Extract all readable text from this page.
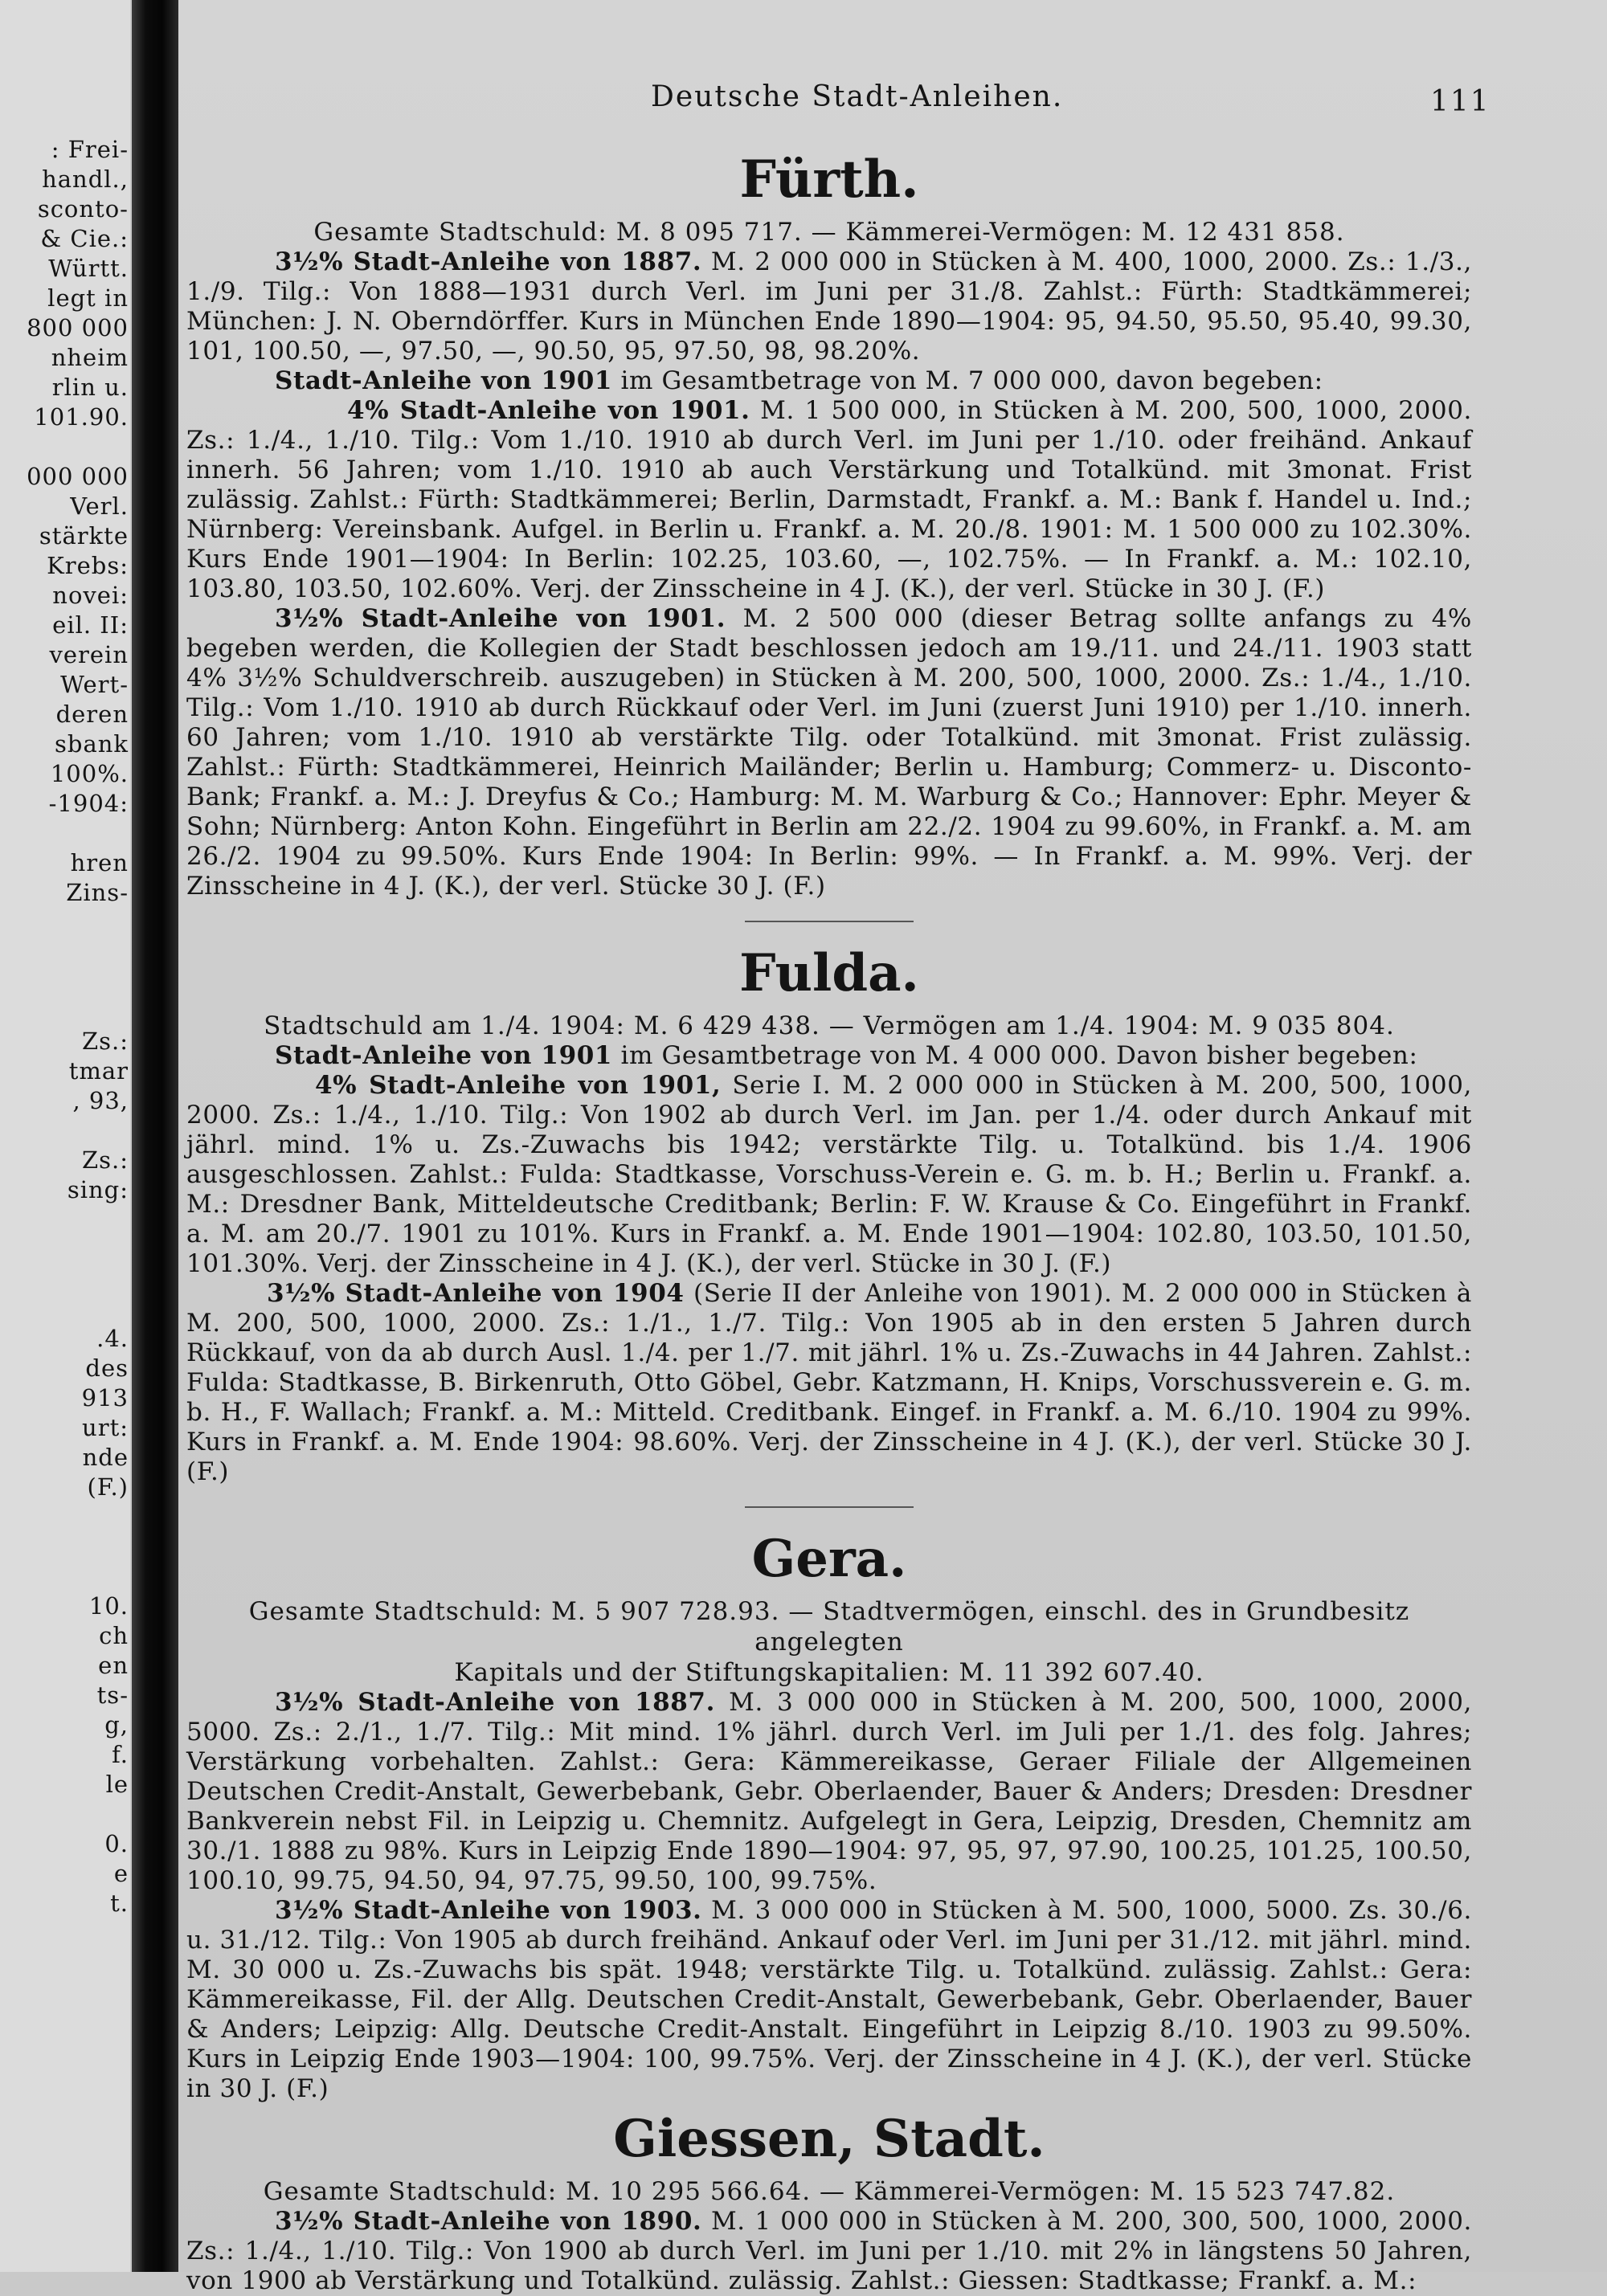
: Frei-
handl.,
sconto-
& Cie.:
Württ.
legt in
800 000
nheim
rlin u.
101.90.
000 000
Verl.
stärkte
Krebs:
novei:
eil. II:
verein
Wert-
deren
sbank
100%.
-1904:
hren
Zins-
Zs.:
tmar
, 93,
Zs.:
sing:
.4.
des
913
urt:
nde
(F.)
10.
ch
en
ts-
g,
f.
le
0.
e
t.
Deutsche Stadt-Anleihen.	111
Fürth.
Gesamte Stadtschuld: M. 8 095 717. — Kämmerei-Vermögen: M. 12 431 858.

3½% Stadt-Anleihe von 1887. M. 2 000 000 in Stücken à M. 400, 1000, 2000. Zs.: 1./3., 1./9. Tilg.: Von 1888—1931 durch Verl. im Juni per 31./8. Zahlst.: Fürth: Stadtkämmerei; München: J. N. Oberndörffer. Kurs in München Ende 1890—1904: 95, 94.50, 95.50, 95.40, 99.30, 101, 100.50, —, 97.50, —, 90.50, 95, 97.50, 98, 98.20%.

Stadt-Anleihe von 1901 im Gesamtbetrage von M. 7 000 000, davon begeben:

4% Stadt-Anleihe von 1901. M. 1 500 000, in Stücken à M. 200, 500, 1000, 2000. Zs.: 1./4., 1./10. Tilg.: Vom 1./10. 1910 ab durch Verl. im Juni per 1./10. oder freihänd. Ankauf innerh. 56 Jahren; vom 1./10. 1910 ab auch Verstärkung und Totalkünd. mit 3monat. Frist zulässig. Zahlst.: Fürth: Stadtkämmerei; Berlin, Darmstadt, Frankf. a. M.: Bank f. Handel u. Ind.; Nürnberg: Vereinsbank. Aufgel. in Berlin u. Frankf. a. M. 20./8. 1901: M. 1 500 000 zu 102.30%. Kurs Ende 1901—1904: In Berlin: 102.25, 103.60, —, 102.75%. — In Frankf. a. M.: 102.10, 103.80, 103.50, 102.60%. Verj. der Zinsscheine in 4 J. (K.), der verl. Stücke in 30 J. (F.)

3½% Stadt-Anleihe von 1901. M. 2 500 000 (dieser Betrag sollte anfangs zu 4% begeben werden, die Kollegien der Stadt beschlossen jedoch am 19./11. und 24./11. 1903 statt 4% 3½% Schuldverschreib. auszugeben) in Stücken à M. 200, 500, 1000, 2000. Zs.: 1./4., 1./10. Tilg.: Vom 1./10. 1910 ab durch Rückkauf oder Verl. im Juni (zuerst Juni 1910) per 1./10. innerh. 60 Jahren; vom 1./10. 1910 ab verstärkte Tilg. oder Totalkünd. mit 3monat. Frist zulässig. Zahlst.: Fürth: Stadtkämmerei, Heinrich Mailänder; Berlin u. Hamburg; Commerz- u. Disconto-Bank; Frankf. a. M.: J. Dreyfus & Co.; Hamburg: M. M. Warburg & Co.; Hannover: Ephr. Meyer & Sohn; Nürnberg: Anton Kohn. Eingeführt in Berlin am 22./2. 1904 zu 99.60%, in Frankf. a. M. am 26./2. 1904 zu 99.50%. Kurs Ende 1904: In Berlin: 99%. — In Frankf. a. M. 99%. Verj. der Zinsscheine in 4 J. (K.), der verl. Stücke 30 J. (F.)

Fulda.
Stadtschuld am 1./4. 1904: M. 6 429 438. — Vermögen am 1./4. 1904: M. 9 035 804.

Stadt-Anleihe von 1901 im Gesamtbetrage von M. 4 000 000. Davon bisher begeben:

4% Stadt-Anleihe von 1901, Serie I. M. 2 000 000 in Stücken à M. 200, 500, 1000, 2000. Zs.: 1./4., 1./10. Tilg.: Von 1902 ab durch Verl. im Jan. per 1./4. oder durch Ankauf mit jährl. mind. 1% u. Zs.-Zuwachs bis 1942; verstärkte Tilg. u. Totalkünd. bis 1./4. 1906 ausgeschlossen. Zahlst.: Fulda: Stadtkasse, Vorschuss-Verein e. G. m. b. H.; Berlin u. Frankf. a. M.: Dresdner Bank, Mitteldeutsche Creditbank; Berlin: F. W. Krause & Co. Eingeführt in Frankf. a. M. am 20./7. 1901 zu 101%. Kurs in Frankf. a. M. Ende 1901—1904: 102.80, 103.50, 101.50, 101.30%. Verj. der Zinsscheine in 4 J. (K.), der verl. Stücke in 30 J. (F.)

3½% Stadt-Anleihe von 1904 (Serie II der Anleihe von 1901). M. 2 000 000 in Stücken à M. 200, 500, 1000, 2000. Zs.: 1./1., 1./7. Tilg.: Von 1905 ab in den ersten 5 Jahren durch Rückkauf, von da ab durch Ausl. 1./4. per 1./7. mit jährl. 1% u. Zs.-Zuwachs in 44 Jahren. Zahlst.: Fulda: Stadtkasse, B. Birkenruth, Otto Göbel, Gebr. Katzmann, H. Knips, Vorschussverein e. G. m. b. H., F. Wallach; Frankf. a. M.: Mitteld. Creditbank. Eingef. in Frankf. a. M. 6./10. 1904 zu 99%. Kurs in Frankf. a. M. Ende 1904: 98.60%. Verj. der Zinsscheine in 4 J. (K.), der verl. Stücke 30 J. (F.)

Gera.
Gesamte Stadtschuld: M. 5 907 728.93. — Stadtvermögen, einschl. des in Grundbesitz angelegten
Kapitals und der Stiftungskapitalien: M. 11 392 607.40.

3½% Stadt-Anleihe von 1887. M. 3 000 000 in Stücken à M. 200, 500, 1000, 2000, 5000. Zs.: 2./1., 1./7. Tilg.: Mit mind. 1% jährl. durch Verl. im Juli per 1./1. des folg. Jahres; Verstärkung vorbehalten. Zahlst.: Gera: Kämmereikasse, Geraer Filiale der Allgemeinen Deutschen Credit-Anstalt, Gewerbebank, Gebr. Oberlaender, Bauer & Anders; Dresden: Dresdner Bankverein nebst Fil. in Leipzig u. Chemnitz. Aufgelegt in Gera, Leipzig, Dresden, Chemnitz am 30./1. 1888 zu 98%. Kurs in Leipzig Ende 1890—1904: 97, 95, 97, 97.90, 100.25, 101.25, 100.50, 100.10, 99.75, 94.50, 94, 97.75, 99.50, 100, 99.75%.

3½% Stadt-Anleihe von 1903. M. 3 000 000 in Stücken à M. 500, 1000, 5000. Zs. 30./6. u. 31./12. Tilg.: Von 1905 ab durch freihänd. Ankauf oder Verl. im Juni per 31./12. mit jährl. mind. M. 30 000 u. Zs.-Zuwachs bis spät. 1948; verstärkte Tilg. u. Totalkünd. zulässig. Zahlst.: Gera: Kämmereikasse, Fil. der Allg. Deutschen Credit-Anstalt, Gewerbebank, Gebr. Oberlaender, Bauer & Anders; Leipzig: Allg. Deutsche Credit-Anstalt. Eingeführt in Leipzig 8./10. 1903 zu 99.50%. Kurs in Leipzig Ende 1903—1904: 100, 99.75%. Verj. der Zinsscheine in 4 J. (K.), der verl. Stücke in 30 J. (F.)

Giessen, Stadt.
Gesamte Stadtschuld: M. 10 295 566.64. — Kämmerei-Vermögen: M. 15 523 747.82.

3½% Stadt-Anleihe von 1890. M. 1 000 000 in Stücken à M. 200, 300, 500, 1000, 2000. Zs.: 1./4., 1./10. Tilg.: Von 1900 ab durch Verl. im Juni per 1./10. mit 2% in längstens 50 Jahren, von 1900 ab Verstärkung und Totalkünd. zulässig. Zahlst.: Giessen: Stadtkasse; Frankf. a. M.:
